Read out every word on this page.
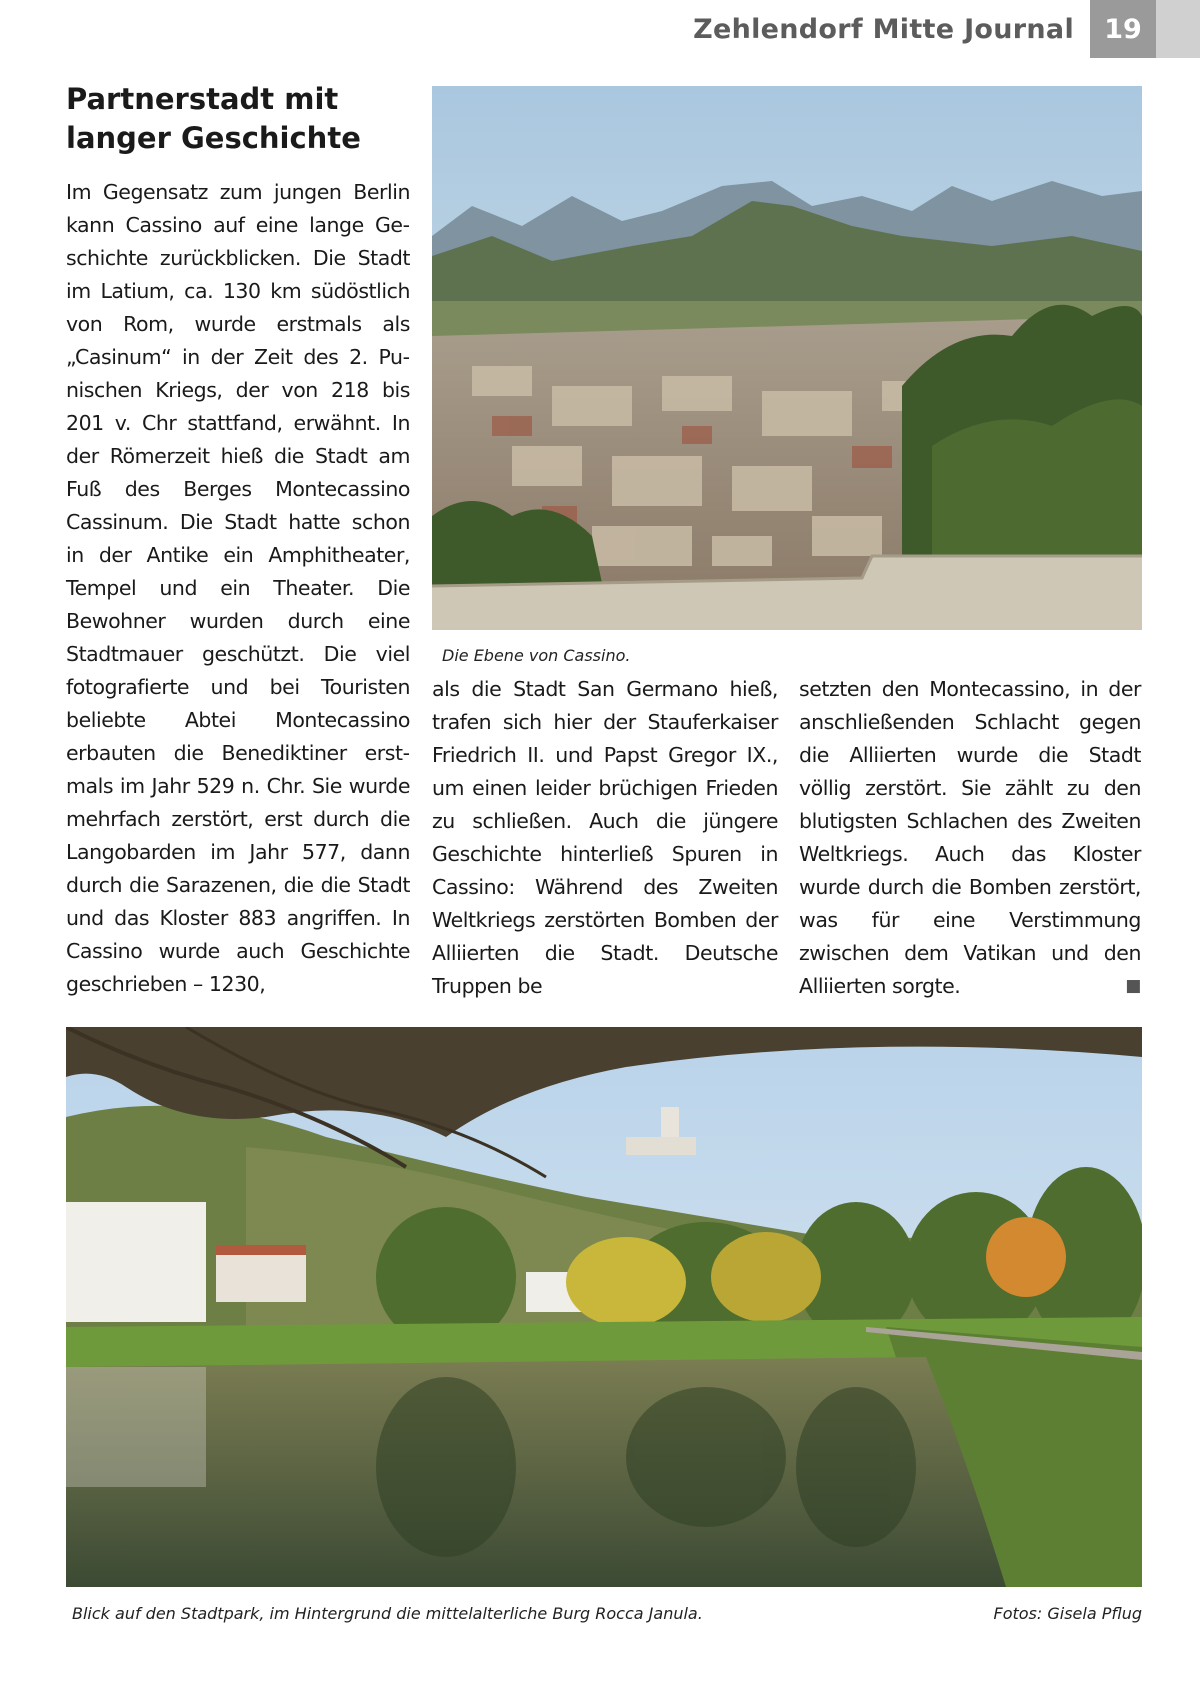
Zehlendorf Mitte Journal	19
Partnerstadt mit langer Geschichte

Im Gegensatz zum jungen Berlin kann Cassino auf eine lange Geschichte zurückblicken. Die Stadt im Latium, ca. 130 km südöstlich von Rom, wurde erstmals als „Casinum“ in der Zeit des 2. Punischen Kriegs, der von 218 bis 201 v. Chr stattfand, erwähnt. In der Römerzeit hieß die Stadt am Fuß des Berges Montecassino Cassinum. Die Stadt hatte schon in der Antike ein Amphitheater, Tempel und ein Theater. Die Bewohner wurden durch eine Stadtmauer geschützt. Die viel fotografierte und bei Touristen beliebte Abtei Montecassino erbauten die Benediktiner erstmals im Jahr 529 n. Chr. Sie wurde mehrfach zerstört, erst durch die Langobarden im Jahr 577, dann durch die Sarazenen, die die Stadt und das Kloster 883 angriffen. In Cassino wurde auch Geschichte geschrieben – 1230,

Die Ebene von Cassino.

als die Stadt San Germano hieß, trafen sich hier der Stauferkaiser Friedrich II. und Papst Gregor IX., um einen leider brüchigen Frieden zu schließen. Auch die jüngere Geschichte hinterließ Spuren in Cassino: Während des Zweiten Weltkriegs zerstörten Bomben der Alliierten die Stadt. Deutsche Truppen be

setzten den Montecassino, in der anschließenden Schlacht gegen die Alliierten wurde die Stadt völlig zerstört. Sie zählt zu den blutigsten Schlachen des Zweiten Weltkriegs. Auch das Kloster wurde durch die Bomben zerstört, was für eine Verstimmung zwischen dem Vatikan und den Alliierten sorgte.	■

Blick auf den Stadtpark, im Hintergrund die mittelalterliche Burg Rocca Janula.	Fotos: Gisela Pflug
